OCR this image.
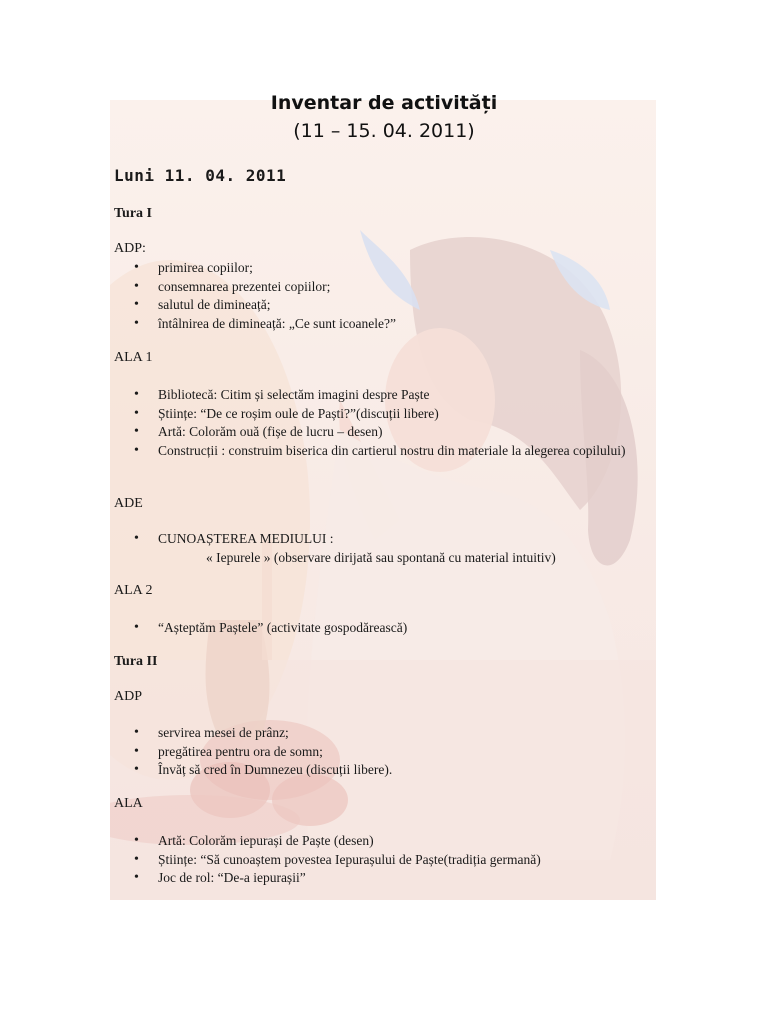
Inventar de activități
(11 – 15. 04. 2011)
Luni 11. 04. 2011
Tura I
ADP:
• primirea copiilor;
• consemnarea prezentei copiilor;
• salutul de dimineață;
• întâlnirea de dimineață: „Ce sunt icoanele?”
ALA 1
• Bibliotecă: Citim și selectăm imagini despre Paște
• Științe: “De ce roșim oule de Paști?”(discuții libere)
• Artă: Colorăm ouă (fișe de lucru – desen)
• Construcții : construim biserica din cartierul nostru din materiale la alegerea copilului)
ADE
• CUNOAȘTEREA MEDIULUI :
« Iepurele » (observare dirijată sau spontană cu material intuitiv)
ALA 2
• “Așteptăm Paștele” (activitate gospodărească)
Tura II
ADP
• servirea mesei de prânz;
• pregătirea pentru ora de somn;
• Învăț să cred în Dumnezeu (discuții libere).
ALA
• Artă: Colorăm iepurași de Paște (desen)
• Științe: “Să cunoaștem povestea Iepurașului de Paște(tradiția germană)
• Joc de rol: “De-a iepurașii”
